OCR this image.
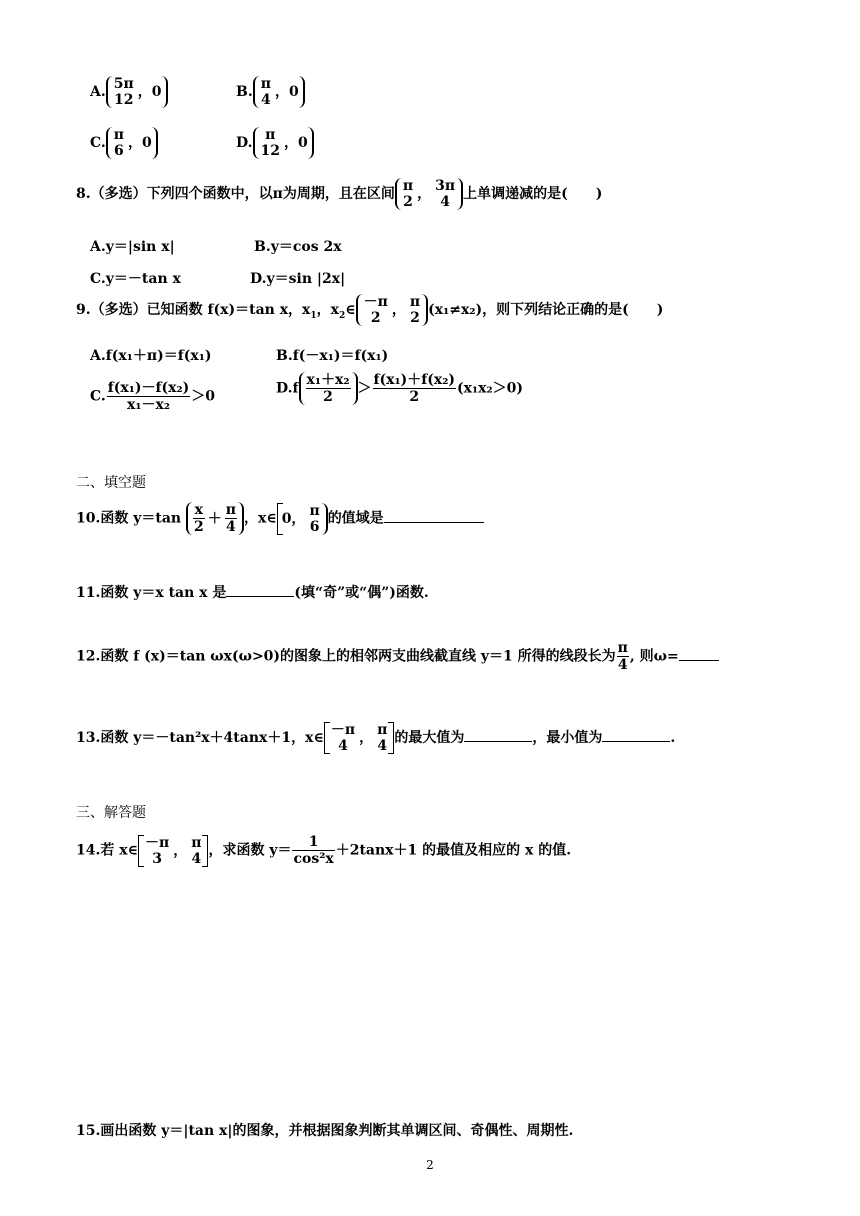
A.
5π
12
，0	B.
π
4
，0
C.
π
6
，0	D.
π
12
，0
8.（多选）下列四个函数中，以π为周期，且在区间
π
2
，
3π
4 上单调递减的是(　　)
A.y＝|sin x|	B.y＝cos 2x
C.y＝－tan x	D.y＝sin |2x|
9.（多选）已知函数 f(x)＝tan x，$x_1$，$x_2\in$
－π
2
，
π
2 (x₁≠x₂)，则下列结论正确的是(　　)
A.f(x₁＋π)＝f(x₁)	B.f(－x₁)＝f(x₁)
C. $\frac{\text{f(x₁)－f(x₂)}}{\text{x₁－x₂}} >0$	$D.f \frac{\text{x₁＋x₂}}{2} > \frac{\text{f(x₁)＋f(x₂)}}{2} (x_1x_2>0)$
二、填空题
10.函数 $y=\tan \frac{x}{2} + \frac{\pi}{4}$ ，x∈ 0，
π
6 的值域是
11.函数 y＝x tan x 是	(填“奇”或“偶”)函数.
12.函数 f (x)＝tan ωx(ω>0)的图象上的相邻两支曲线截直线 y＝1 所得的线段长为 $\frac{\pi}{4}$ , 则ω=
13.函数 y＝－tan²x＋4tanx＋1，x∈
－π
4
，
π
4 的最大值为	，最小值为	.
三、解答题
14.若 x∈
－π
3
，
π
4 ，求函数 $y= \frac{1}{\text{cos²x}} +2\tan x+1$ 的最值及相应的 x 的值.
15.画出函数 y＝|tan x|的图象，并根据图象判断其单调区间、奇偶性、周期性.
2
